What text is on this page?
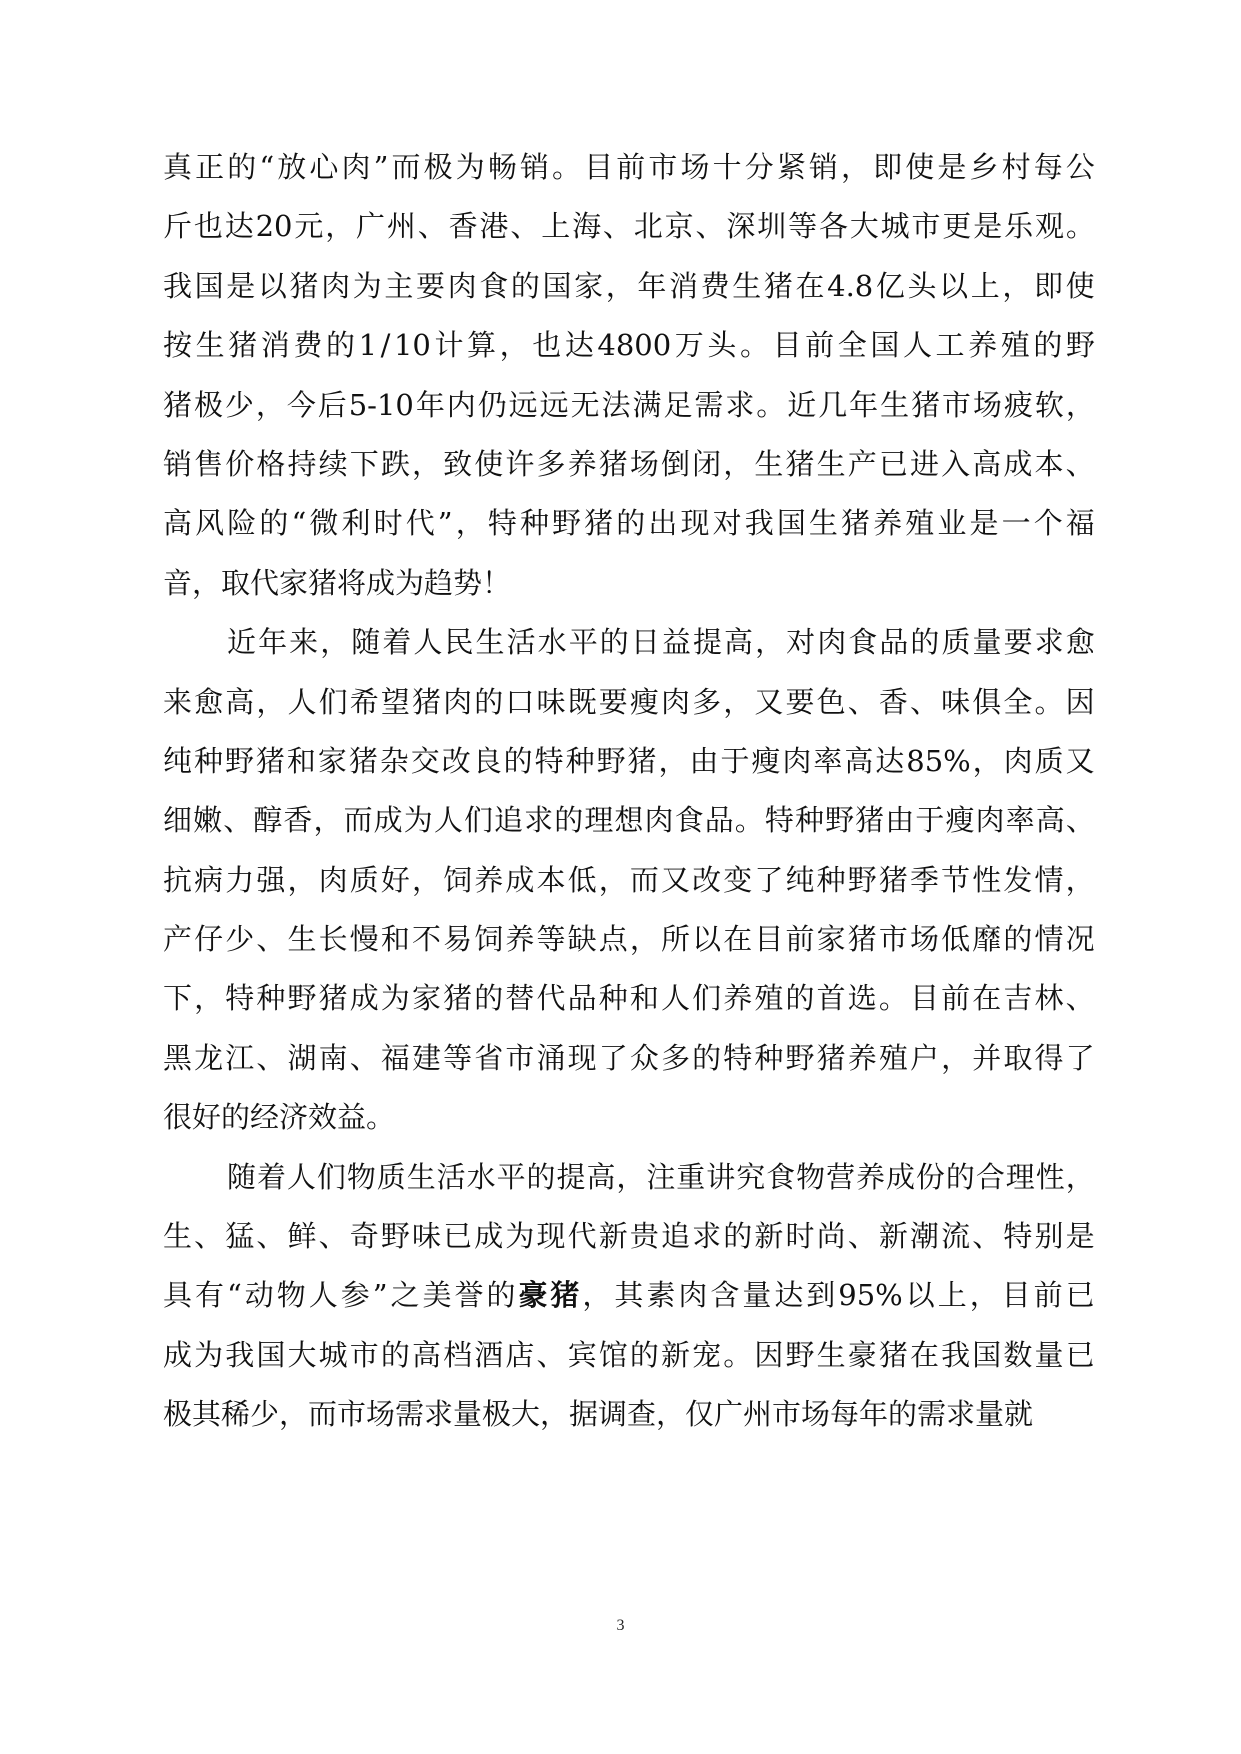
真 正 的 “ 放 心 肉 ” 而 极 为 畅 销 。 目 前 市 场 十 分 紧 销 ， 即 使 是 乡 村 每 公
斤 也 达 20 元 ， 广 州 、 香 港 、 上 海 、 北 京 、 深 圳 等 各 大 城 市 更 是 乐 观 。
我 国 是 以 猪 肉 为 主 要 肉 食 的 国 家 ， 年 消 费 生 猪 在 4.8 亿 头 以 上 ， 即 使
按 生 猪 消 费 的 1 / 10 计 算 ， 也 达 4800 万 头 。 目 前 全 国 人 工 养 殖 的 野
猪 极 少 ， 今 后 5-10 年 内 仍 远 远 无 法 满 足 需 求 。 近 几 年 生 猪 市 场 疲 软 ，
销 售 价 格 持 续 下 跌 ， 致 使 许 多 养 猪 场 倒 闭 ， 生 猪 生 产 已 进 入 高 成 本 、
高 风 险 的 “ 微 利 时 代 ” ， 特 种 野 猪 的 出 现 对 我 国 生 猪 养 殖 业 是 一 个 福
音，取代家猪将成为趋势！
近 年 来 ， 随 着 人 民 生 活 水 平 的 日 益 提 高 ， 对 肉 食 品 的 质 量 要 求 愈
来 愈 高 ， 人 们 希 望 猪 肉 的 口 味 既 要 瘦 肉 多 ， 又 要 色 、 香 、 味 俱 全 。 因
纯 种 野 猪 和 家 猪 杂 交 改 良 的 特 种 野 猪 ， 由 于 瘦 肉 率 高 达 85% ， 肉 质 又
细 嫩 、 醇 香 ， 而 成 为 人 们 追 求 的 理 想 肉 食 品 。 特 种 野 猪 由 于 瘦 肉 率 高 、
抗 病 力 强 ， 肉 质 好 ， 饲 养 成 本 低 ， 而 又 改 变 了 纯 种 野 猪 季 节 性 发 情 ，
产 仔 少 、 生 长 慢 和 不 易 饲 养 等 缺 点 ， 所 以 在 目 前 家 猪 市 场 低 靡 的 情 况
下 ， 特 种 野 猪 成 为 家 猪 的 替 代 品 种 和 人 们 养 殖 的 首 选 。 目 前 在 吉 林 、
黑 龙 江 、 湖 南 、 福 建 等 省 市 涌 现 了 众 多 的 特 种 野 猪 养 殖 户 ， 并 取 得 了
很好的经济效益。
随 着 人 们 物 质 生 活 水 平 的 提 高 ， 注 重 讲 究 食 物 营 养 成 份 的 合 理 性 ，
生 、 猛 、 鲜 、 奇 野 味 已 成 为 现 代 新 贵 追 求 的 新 时 尚 、 新 潮 流 、 特 别 是
具 有 “ 动 物 人 参 ” 之 美 誉 的 豪 猪 ， 其 素 肉 含 量 达 到 95% 以 上 ， 目 前 已
成 为 我 国 大 城 市 的 高 档 酒 店 、 宾 馆 的 新 宠 。 因 野 生 豪 猪 在 我 国 数 量 已
极其稀少，而市场需求量极大，据调查，仅广州市场每年的需求量就
3
